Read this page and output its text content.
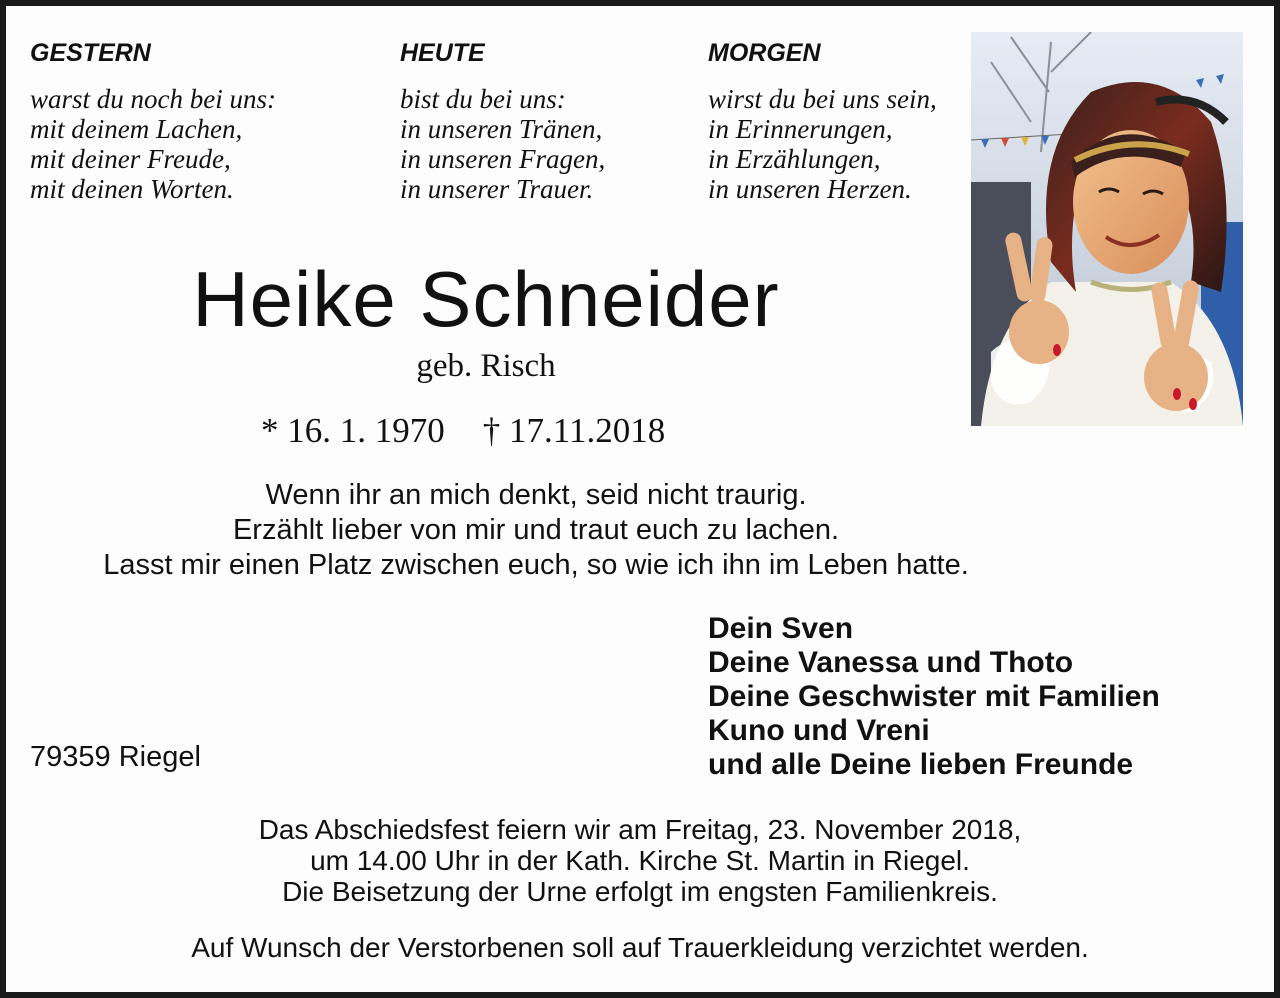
GESTERN
warst du noch bei uns:
mit deinem Lachen,
mit deiner Freude,
mit deinen Worten.
HEUTE
bist du bei uns:
in unseren Tränen,
in unseren Fragen,
in unserer Trauer.
MORGEN
wirst du bei uns sein,
in Erinnerungen,
in Erzählungen,
in unseren Herzen.
Heike Schneider
geb. Risch
* 16. 1. 1970 † 17.11.2018
Wenn ihr an mich denkt, seid nicht traurig.
Erzählt lieber von mir und traut euch zu lachen.
Lasst mir einen Platz zwischen euch, so wie ich ihn im Leben hatte.
Dein Sven
Deine Vanessa und Thoto
Deine Geschwister mit Familien
Kuno und Vreni
und alle Deine lieben Freunde
79359 Riegel
Das Abschiedsfest feiern wir am Freitag, 23. November 2018,
um 14.00 Uhr in der Kath. Kirche St. Martin in Riegel.
Die Beisetzung der Urne erfolgt im engsten Familienkreis.
Auf Wunsch der Verstorbenen soll auf Trauerkleidung verzichtet werden.
